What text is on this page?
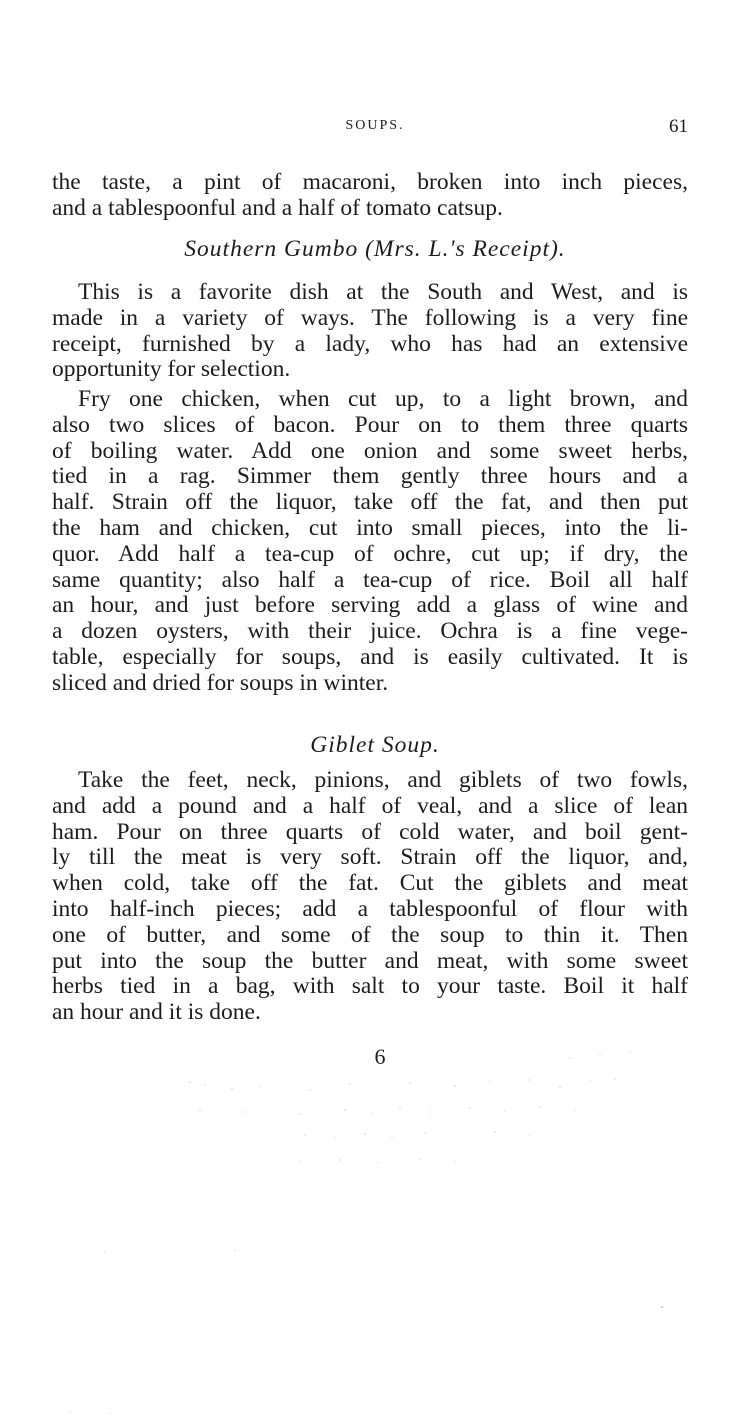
SOUPS.	61
the taste, a pint of macaroni, broken into inch pieces,
and a tablespoonful and a half of tomato catsup.
Southern Gumbo (Mrs. L.'s Receipt).
This is a favorite dish at the South and West, and is
made in a variety of ways. The following is a very fine
receipt, furnished by a lady, who has had an extensive
opportunity for selection.
Fry one chicken, when cut up, to a light brown, and
also two slices of bacon. Pour on to them three quarts
of boiling water. Add one onion and some sweet herbs,
tied in a rag. Simmer them gently three hours and a
half. Strain off the liquor, take off the fat, and then put
the ham and chicken, cut into small pieces, into the li-
quor. Add half a tea-cup of ochre, cut up; if dry, the
same quantity; also half a tea-cup of rice. Boil all half
an hour, and just before serving add a glass of wine and
a dozen oysters, with their juice. Ochra is a fine vege-
table, especially for soups, and is easily cultivated. It is
sliced and dried for soups in winter.
Giblet Soup.
Take the feet, neck, pinions, and giblets of two fowls,
and add a pound and a half of veal, and a slice of lean
ham. Pour on three quarts of cold water, and boil gent-
ly till the meat is very soft. Strain off the liquor, and,
when cold, take off the fat. Cut the giblets and meat
into half-inch pieces; add a tablespoonful of flour with
one of butter, and some of the soup to thin it. Then
put into the soup the butter and meat, with some sweet
herbs tied in a bag, with salt to your taste. Boil it half
an hour and it is done.
6
